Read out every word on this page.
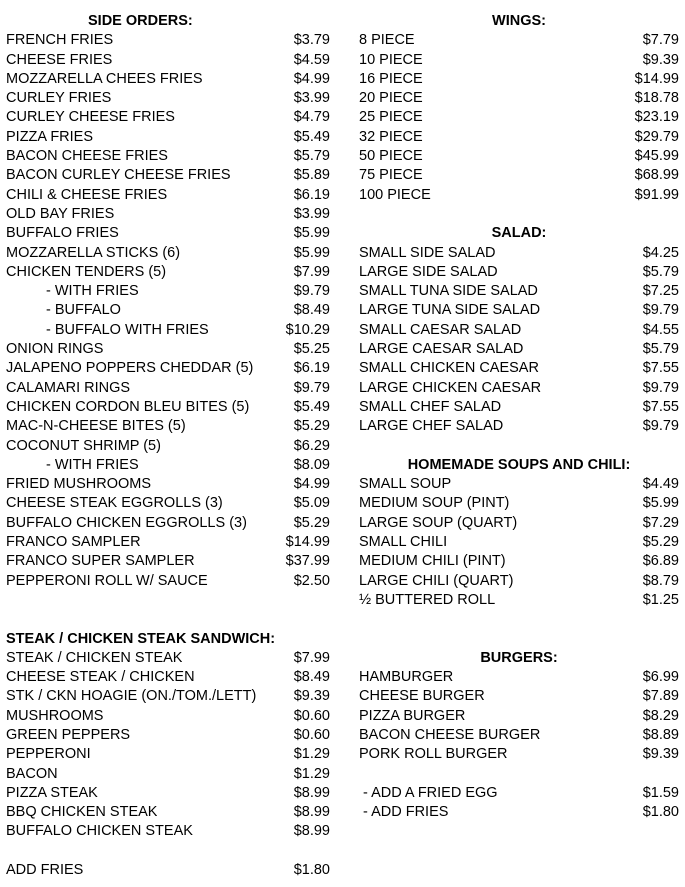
SIDE ORDERS:
FRENCH FRIES	$3.79
CHEESE FRIES	$4.59
MOZZARELLA CHEES FRIES	$4.99
CURLEY FRIES	$3.99
CURLEY CHEESE FRIES	$4.79
PIZZA FRIES	$5.49
BACON CHEESE FRIES	$5.79
BACON CURLEY CHEESE FRIES	$5.89
CHILI & CHEESE FRIES	$6.19
OLD BAY FRIES	$3.99
BUFFALO FRIES	$5.99
MOZZARELLA STICKS (6)	$5.99
CHICKEN TENDERS (5)	$7.99
- WITH FRIES	$9.79
- BUFFALO	$8.49
- BUFFALO WITH FRIES	$10.29
ONION RINGS	$5.25
JALAPENO POPPERS CHEDDAR (5)	$6.19
CALAMARI RINGS	$9.79
CHICKEN CORDON BLEU BITES (5)	$5.49
MAC-N-CHEESE BITES (5)	$5.29
COCONUT SHRIMP (5)	$6.29
- WITH FRIES	$8.09
FRIED MUSHROOMS	$4.99
CHEESE STEAK EGGROLLS (3)	$5.09
BUFFALO CHICKEN EGGROLLS (3)	$5.29
FRANCO SAMPLER	$14.99
FRANCO SUPER SAMPLER	$37.99
PEPPERONI ROLL W/ SAUCE	$2.50
STEAK / CHICKEN STEAK SANDWICH:
STEAK / CHICKEN STEAK	$7.99
CHEESE STEAK / CHICKEN	$8.49
STK / CKN HOAGIE (ON./TOM./LETT)	$9.39
MUSHROOMS	$0.60
GREEN PEPPERS	$0.60
PEPPERONI	$1.29
BACON	$1.29
PIZZA STEAK	$8.99
BBQ CHICKEN STEAK	$8.99
BUFFALO CHICKEN STEAK	$8.99
ADD FRIES	$1.80
WINGS:
8 PIECE	$7.79
10 PIECE	$9.39
16 PIECE	$14.99
20 PIECE	$18.78
25 PIECE	$23.19
32 PIECE	$29.79
50 PIECE	$45.99
75 PIECE	$68.99
100 PIECE	$91.99
SALAD:
SMALL SIDE SALAD	$4.25
LARGE SIDE SALAD	$5.79
SMALL TUNA SIDE SALAD	$7.25
LARGE TUNA SIDE SALAD	$9.79
SMALL CAESAR SALAD	$4.55
LARGE CAESAR SALAD	$5.79
SMALL CHICKEN CAESAR	$7.55
LARGE CHICKEN CAESAR	$9.79
SMALL CHEF SALAD	$7.55
LARGE CHEF SALAD	$9.79
HOMEMADE SOUPS AND CHILI:
SMALL SOUP	$4.49
MEDIUM SOUP (PINT)	$5.99
LARGE SOUP (QUART)	$7.29
SMALL CHILI	$5.29
MEDIUM CHILI (PINT)	$6.89
LARGE CHILI (QUART)	$8.79
½ BUTTERED ROLL	$1.25
BURGERS:
HAMBURGER	$6.99
CHEESE BURGER	$7.89
PIZZA BURGER	$8.29
BACON CHEESE BURGER	$8.89
PORK ROLL BURGER	$9.39
- ADD A FRIED EGG	$1.59
- ADD FRIES	$1.80
